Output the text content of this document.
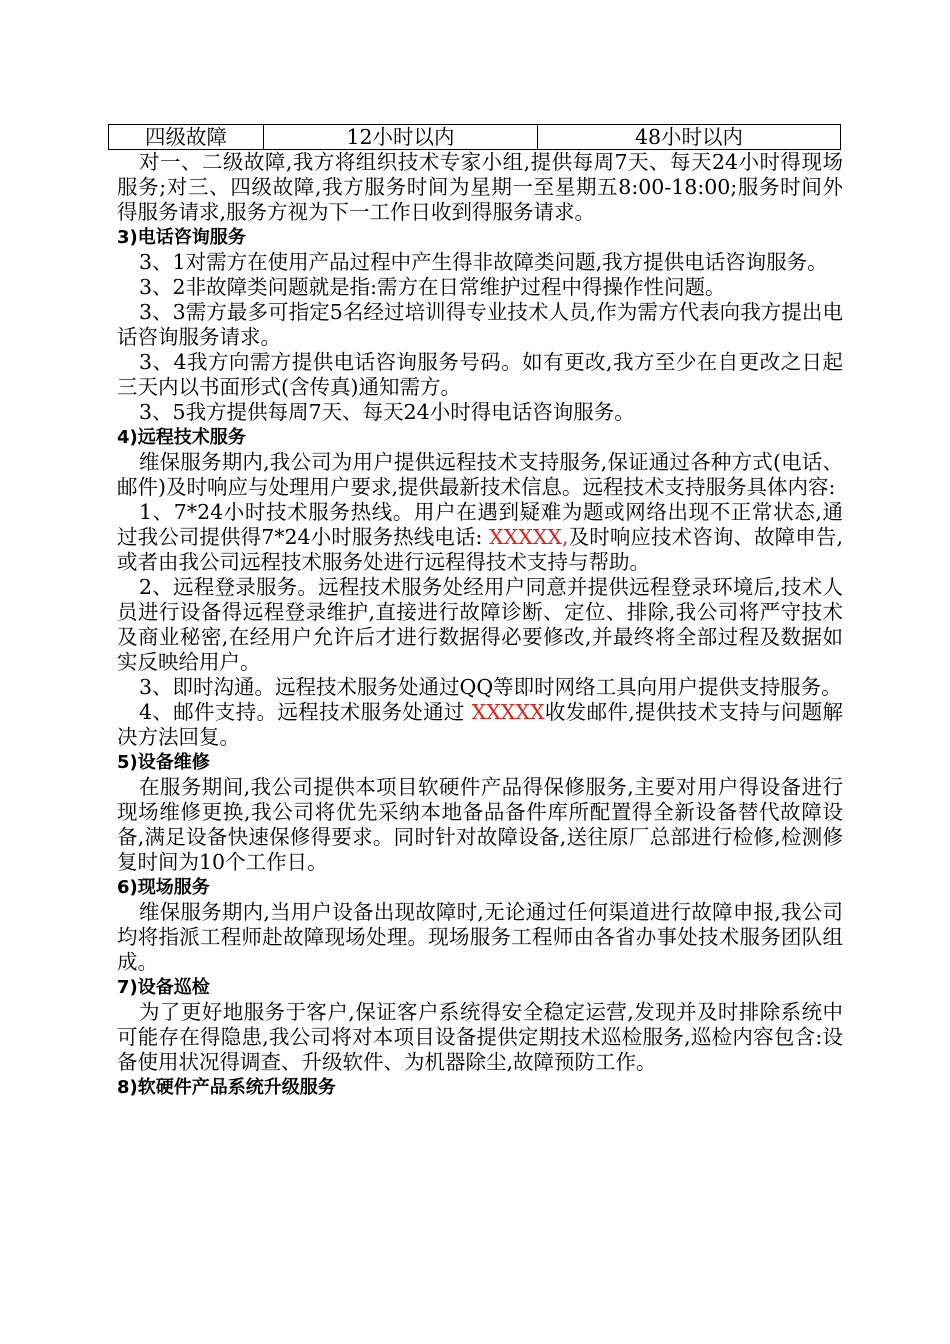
四级故障	12小时以内	48小时以内

对一、二级故障,我方将组织技术专家小组,提供每周7天、每天24小时得现场服务;对三、四级故障,我方服务时间为星期一至星期五8:00-18:00;服务时间外得服务请求,服务方视为下一工作日收到得服务请求。

3)电话咨询服务

3、1对需方在使用产品过程中产生得非故障类问题,我方提供电话咨询服务。

3、2非故障类问题就是指:需方在日常维护过程中得操作性问题。

3、3需方最多可指定5名经过培训得专业技术人员,作为需方代表向我方提出电话咨询服务请求。

3、4我方向需方提供电话咨询服务号码。如有更改,我方至少在自更改之日起三天内以书面形式(含传真)通知需方。

3、5我方提供每周7天、每天24小时得电话咨询服务。

4)远程技术服务

维保服务期内,我公司为用户提供远程技术支持服务,保证通过各种方式(电话、邮件)及时响应与处理用户要求,提供最新技术信息。远程技术支持服务具体内容:

1、7*24小时技术服务热线。用户在遇到疑难为题或网络出现不正常状态,通过我公司提供得7*24小时服务热线电话: XXXXX,及时响应技术咨询、故障申告,或者由我公司远程技术服务处进行远程得技术支持与帮助。

2、远程登录服务。远程技术服务处经用户同意并提供远程登录环境后,技术人员进行设备得远程登录维护,直接进行故障诊断、定位、排除,我公司将严守技术及商业秘密,在经用户允许后才进行数据得必要修改,并最终将全部过程及数据如实反映给用户。

3、即时沟通。远程技术服务处通过QQ等即时网络工具向用户提供支持服务。

4、邮件支持。远程技术服务处通过 XXXXX收发邮件,提供技术支持与问题解决方法回复。

5)设备维修

在服务期间,我公司提供本项目软硬件产品得保修服务,主要对用户得设备进行现场维修更换,我公司将优先采纳本地备品备件库所配置得全新设备替代故障设备,满足设备快速保修得要求。同时针对故障设备,送往原厂总部进行检修,检测修复时间为10个工作日。

6)现场服务

维保服务期内,当用户设备出现故障时,无论通过任何渠道进行故障申报,我公司均将指派工程师赴故障现场处理。现场服务工程师由各省办事处技术服务团队组成。

7)设备巡检

为了更好地服务于客户,保证客户系统得安全稳定运营,发现并及时排除系统中可能存在得隐患,我公司将对本项目设备提供定期技术巡检服务,巡检内容包含:设备使用状况得调查、升级软件、为机器除尘,故障预防工作。

8)软硬件产品系统升级服务
